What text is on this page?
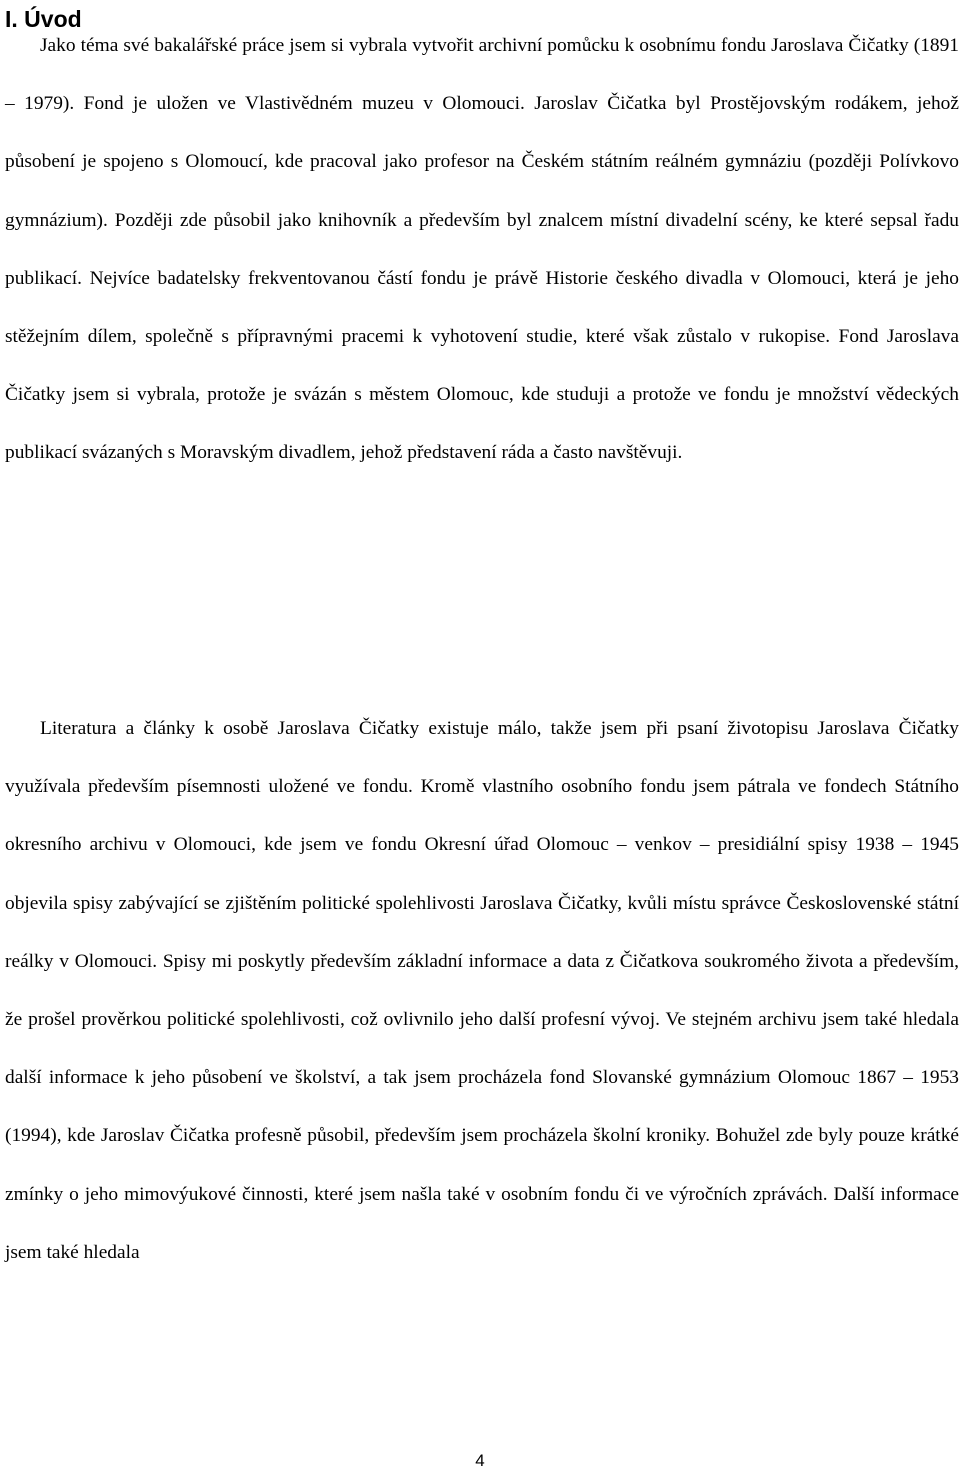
I. Úvod

Jako téma své bakalářské práce jsem si vybrala vytvořit archivní pomůcku k osobnímu fondu Jaroslava Čičatky (1891 – 1979). Fond je uložen ve Vlastivědném muzeu v Olomouci. Jaroslav Čičatka byl Prostějovským rodákem, jehož působení je spojeno s Olomoucí, kde pracoval jako profesor na Českém státním reálném gymnáziu (později Polívkovo gymnázium). Později zde působil jako knihovník a především byl znalcem místní divadelní scény, ke které sepsal řadu publikací. Nejvíce badatelsky frekventovanou částí fondu je právě Historie českého divadla v Olomouci, která je jeho stěžejním dílem, společně s přípravnými pracemi k vyhotovení studie, které však zůstalo v rukopise. Fond Jaroslava Čičatky jsem si vybrala, protože je svázán s městem Olomouc, kde studuji a protože ve fondu je množství vědeckých publikací svázaných s Moravským divadlem, jehož představení ráda a často navštěvuji.

Literatura a články k osobě Jaroslava Čičatky existuje málo, takže jsem při psaní životopisu Jaroslava Čičatky využívala především písemnosti uložené ve fondu. Kromě vlastního osobního fondu jsem pátrala ve fondech Státního okresního archivu v Olomouci, kde jsem ve fondu Okresní úřad Olomouc – venkov – presidiální spisy 1938 – 1945 objevila spisy zabývající se zjištěním politické spolehlivosti Jaroslava Čičatky, kvůli místu správce Československé státní reálky v Olomouci. Spisy mi poskytly především základní informace a data z Čičatkova soukromého života a především, že prošel prověrkou politické spolehlivosti, což ovlivnilo jeho další profesní vývoj. Ve stejném archivu jsem také hledala další informace k jeho působení ve školství, a tak jsem procházela fond Slovanské gymnázium Olomouc 1867 – 1953 (1994), kde Jaroslav Čičatka profesně působil, především jsem procházela školní kroniky. Bohužel zde byly pouze krátké zmínky o jeho mimovýukové činnosti, které jsem našla také v osobním fondu či ve výročních zprávách. Další informace jsem také hledala

4
